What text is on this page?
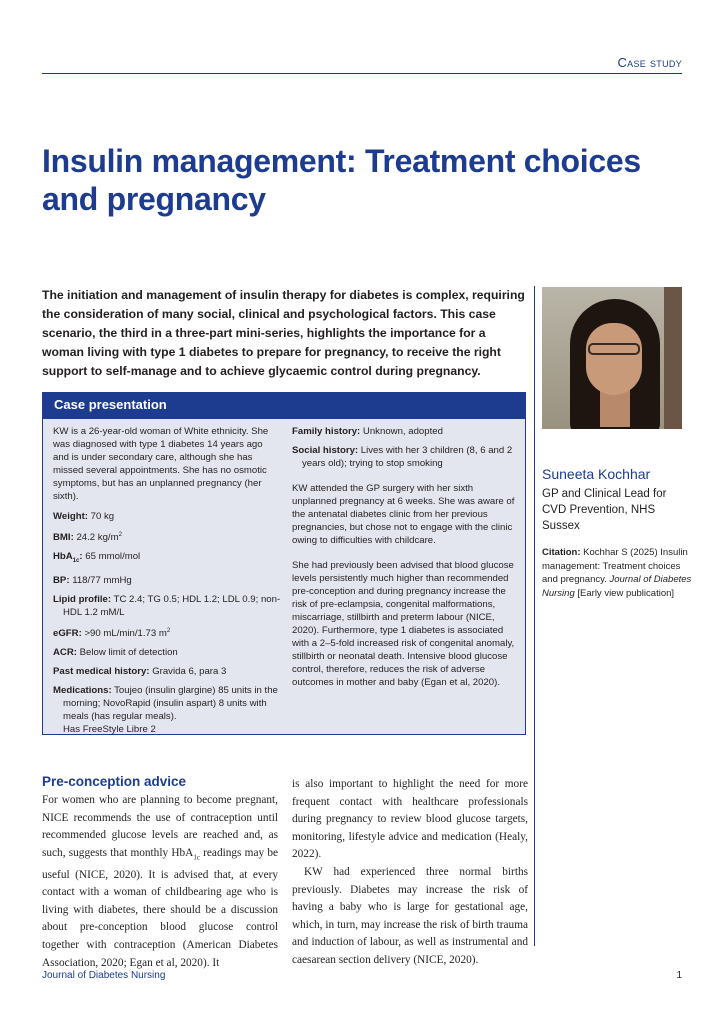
Case study
Insulin management: Treatment choices and pregnancy

The initiation and management of insulin therapy for diabetes is complex, requiring the consideration of many social, clinical and psychological factors. This case scenario, the third in a three-part mini-series, highlights the importance for a woman living with type 1 diabetes to prepare for pregnancy, to receive the right support to self-manage and to achieve glycaemic control during pregnancy.

Suneeta Kochhar
GP and Clinical Lead for CVD Prevention, NHS Sussex
Citation: Kochhar S (2025) Insulin management: Treatment choices and pregnancy. Journal of Diabetes Nursing [Early view publication]
Case presentation

KW is a 26-year-old woman of White ethnicity. She was diagnosed with type 1 diabetes 14 years ago and is under secondary care, although she has missed several appointments. She has no osmotic symptoms, but has an unplanned pregnancy (her sixth).

Weight: 70 kg
BMI: 24.2 $kg/m^2$
HbA$_{1c}$: 65 mmol/mol
BP: 118/77 mmHg
Lipid profile: TC 2.4; TG 0.5; HDL 1.2; LDL 0.9; non-HDL 1.2 mM/L
eGFR: >90 mL/min/1.73 $m^2$
ACR: Below limit of detection
Past medical history: Gravida 6, para 3
Medications: Toujeo (insulin glargine) 85 units in the morning; NovoRapid (insulin aspart) 8 units with meals (has regular meals).
Has FreeStyle Libre 2
Family history: Unknown, adopted
Social history: Lives with her 3 children (8, 6 and 2 years old); trying to stop smoking

KW attended the GP surgery with her sixth unplanned pregnancy at 6 weeks. She was aware of the antenatal diabetes clinic from her previous pregnancies, but chose not to engage with the clinic owing to difficulties with childcare.

She had previously been advised that blood glucose levels persistently much higher than recommended pre-conception and during pregnancy increase the risk of pre-eclampsia, congenital malformations, miscarriage, stillbirth and preterm labour (NICE, 2020). Furthermore, type 1 diabetes is associated with a 2–5-fold increased risk of congenital anomaly, stillbirth or neonatal death. Intensive blood glucose control, therefore, reduces the risk of adverse outcomes in mother and baby (Egan et al, 2020).

Pre-conception advice

For women who are planning to become pregnant, NICE recommends the use of contraception until recommended glucose levels are reached and, as such, suggests that monthly HbA$_{1c}$ readings may be useful (NICE, 2020). It is advised that, at every contact with a woman of childbearing age who is living with diabetes, there should be a discussion about pre-conception blood glucose control together with contraception (American Diabetes Association, 2020; Egan et al, 2020). It

is also important to highlight the need for more frequent contact with healthcare professionals during pregnancy to review blood glucose targets, monitoring, lifestyle advice and medication (Healy, 2022).

KW had experienced three normal births previously. Diabetes may increase the risk of having a baby who is large for gestational age, which, in turn, may increase the risk of birth trauma and induction of labour, as well as instrumental and caesarean section delivery (NICE, 2020).

Journal of Diabetes Nursing	1
